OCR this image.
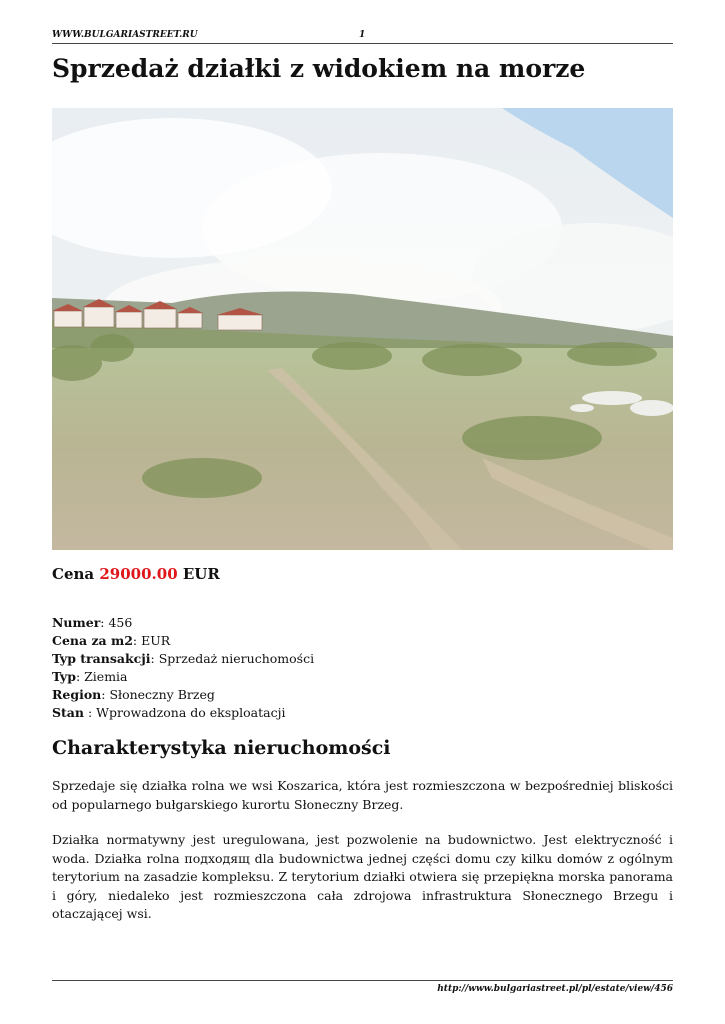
WWW.BULGARIASTREET.RU	1
Sprzedaż działki z widokiem na morze

Cena 29000.00 EUR

Numer: 456
Cena za m2: EUR
Typ transakcji: Sprzedaż nieruchomości
Typ: Ziemia
Region: Słoneczny Brzeg
Stan : Wprowadzona do eksploatacji
Charakterystyka nieruchomości

Sprzedaje się działka rolna we wsi Koszarica, która jest rozmieszczona w bezpośredniej bliskości od popularnego bułgarskiego kurortu Słoneczny Brzeg.

Działka normatywny jest uregulowana, jest pozwolenie na budownictwo. Jest elektryczność i woda. Działka rolna подходящ dla budownictwa jednej części domu czy kilku domów z ogólnym terytorium na zasadzie kompleksu. Z terytorium działki otwiera się przepiękna morska panorama i góry, niedaleko jest rozmieszczona cała zdrojowa infrastruktura Słonecznego Brzegu i otaczającej wsi.

http://www.bulgariastreet.pl/pl/estate/view/456
